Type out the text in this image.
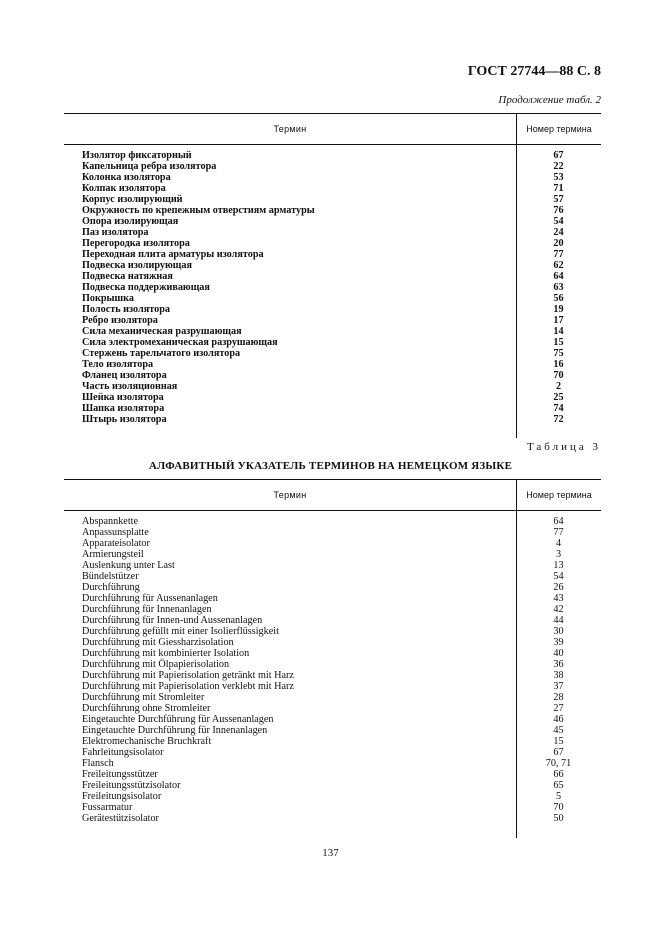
ГОСТ 27744—88 С. 8
Продолжение табл. 2
Термин	Номер термина
Изолятор фиксаторный	67
Капельница ребра изолятора	22
Колонка изолятора	53
Колпак изолятора	71
Корпус изолирующий	57
Окружность по крепежным отверстиям арматуры	76
Опора изолирующая	54
Паз изолятора	24
Перегородка изолятора	20
Переходная плита арматуры изолятора	77
Подвеска изолирующая	62
Подвеска натяжная	64
Подвеска поддерживающая	63
Покрышка	56
Полость изолятора	19
Ребро изолятора	17
Сила механическая разрушающая	14
Сила электромеханическая разрушающая	15
Стержень тарельчатого изолятора	75
Тело изолятора	16
Фланец изолятора	70
Часть изоляционная	2
Шейка изолятора	25
Шапка изолятора	74
Штырь изолятора	72
Таблица 3
АЛФАВИТНЫЙ УКАЗАТЕЛЬ ТЕРМИНОВ НА НЕМЕЦКОМ ЯЗЫКЕ
Термин	Номер термина
Abspannkette	64
Anpassunsplatte	77
Apparateisolator	4
Armierungsteil	3
Auslenkung unter Last	13
Bündelstützer	54
Durchführung	26
Durchführung für Aussenanlagen	43
Durchführung für Innenanlagen	42
Durchführung für Innen-und Aussenanlagen	44
Durchführung gefüllt mit einer Isolierflüssigkeit	30
Durchführung mit Giessharzisolation	39
Durchführung mit kombinierter Isolation	40
Durchführung mit Ölpapierisolation	36
Durchführung mit Papierisolation getränkt mit Harz	38
Durchführung mit Papierisolation verklebt mit Harz	37
Durchführung mit Stromleiter	28
Durchführung ohne Stromleiter	27
Eingetauchte Durchführung für Aussenanlagen	46
Eingetauchte Durchführung für Innenanlagen	45
Elektromechanische Bruchkraft	15
Fahrleitungsisolator	67
Flansch	70, 71
Freileitungsstützer	66
Freileitungsstützisolator	65
Freileitungsisolator	5
Fussarmatur	70
Gerätestützisolator	50
137
